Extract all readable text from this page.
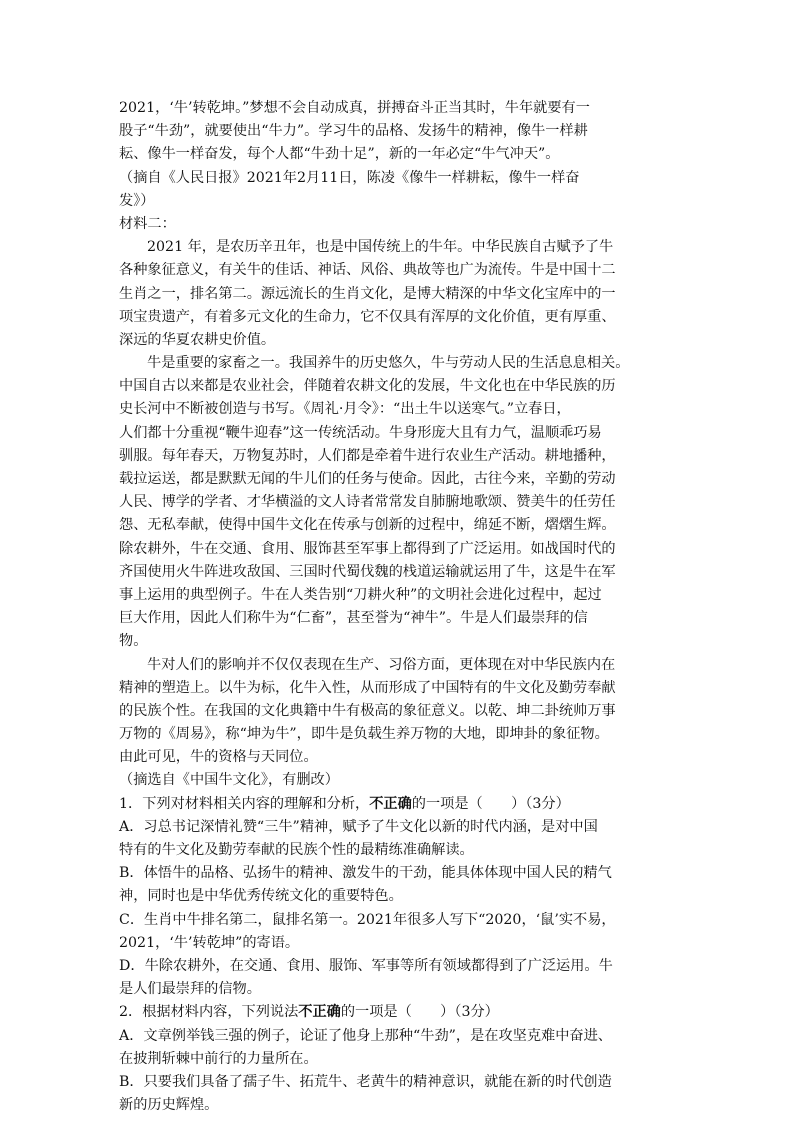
2021，‘牛’转乾坤。”梦想不会自动成真，拼搏奋斗正当其时，牛年就要有一
股子“牛劲”，就要使出“牛力”。学习牛的品格、发扬牛的精神，像牛一样耕
耘、像牛一样奋发，每个人都“牛劲十足”，新的一年必定“牛气冲天”。
（摘自《人民日报》2021年2月11日，陈凌《像牛一样耕耘，像牛一样奋
发》）
材料二：
2021 年，是农历辛丑年，也是中国传统上的牛年。中华民族自古赋予了牛
各种象征意义，有关牛的佳话、神话、风俗、典故等也广为流传。牛是中国十二
生肖之一，排名第二。源远流长的生肖文化，是博大精深的中华文化宝库中的一
项宝贵遗产，有着多元文化的生命力，它不仅具有浑厚的文化价值，更有厚重、
深远的华夏农耕史价值。
牛是重要的家畜之一。我国养牛的历史悠久，牛与劳动人民的生活息息相关。
中国自古以来都是农业社会，伴随着农耕文化的发展，牛文化也在中华民族的历
史长河中不断被创造与书写。《周礼·月令》：“出土牛以送寒气。”立春日，
人们都十分重视“鞭牛迎春”这一传统活动。牛身形庞大且有力气，温顺乖巧易
驯服。每年春天，万物复苏时，人们都是牵着牛进行农业生产活动。耕地播种，
载拉运送，都是默默无闻的牛儿们的任务与使命。因此，古往今来，辛勤的劳动
人民、博学的学者、才华横溢的文人诗者常常发自肺腑地歌颂、赞美牛的任劳任
怨、无私奉献，使得中国牛文化在传承与创新的过程中，绵延不断，熠熠生辉。
除农耕外，牛在交通、食用、服饰甚至军事上都得到了广泛运用。如战国时代的
齐国使用火牛阵进攻敌国、三国时代蜀伐魏的栈道运输就运用了牛，这是牛在军
事上运用的典型例子。牛在人类告别“刀耕火种”的文明社会进化过程中，起过
巨大作用，因此人们称牛为“仁畜”，甚至誉为“神牛”。牛是人们最崇拜的信
物。
牛对人们的影响并不仅仅表现在生产、习俗方面，更体现在对中华民族内在
精神的塑造上。以牛为标，化牛入性，从而形成了中国特有的牛文化及勤劳奉献
的民族个性。在我国的文化典籍中牛有极高的象征意义。以乾、坤二卦统帅万事
万物的《周易》，称“坤为牛”，即牛是负载生养万物的大地，即坤卦的象征物。
由此可见，牛的资格与天同位。
（摘选自《中国牛文化》，有删改）
1．下列对材料相关内容的理解和分析，不正确的一项是（　　）（3分）
A．习总书记深情礼赞“三牛”精神，赋予了牛文化以新的时代内涵，是对中国
特有的牛文化及勤劳奉献的民族个性的最精练准确解读。
B．体悟牛的品格、弘扬牛的精神、激发牛的干劲，能具体体现中国人民的精气
神，同时也是中华优秀传统文化的重要特色。
C．生肖中牛排名第二，鼠排名第一。2021年很多人写下“2020，‘鼠’实不易，
2021，‘牛’转乾坤”的寄语。
D．牛除农耕外，在交通、食用、服饰、军事等所有领域都得到了广泛运用。牛
是人们最崇拜的信物。
2．根据材料内容，下列说法不正确的一项是（　　）（3分）
A．文章例举钱三强的例子，论证了他身上那种“牛劲”，是在攻坚克难中奋进、
在披荆斩棘中前行的力量所在。
B．只要我们具备了孺子牛、拓荒牛、老黄牛的精神意识，就能在新的时代创造
新的历史辉煌。
